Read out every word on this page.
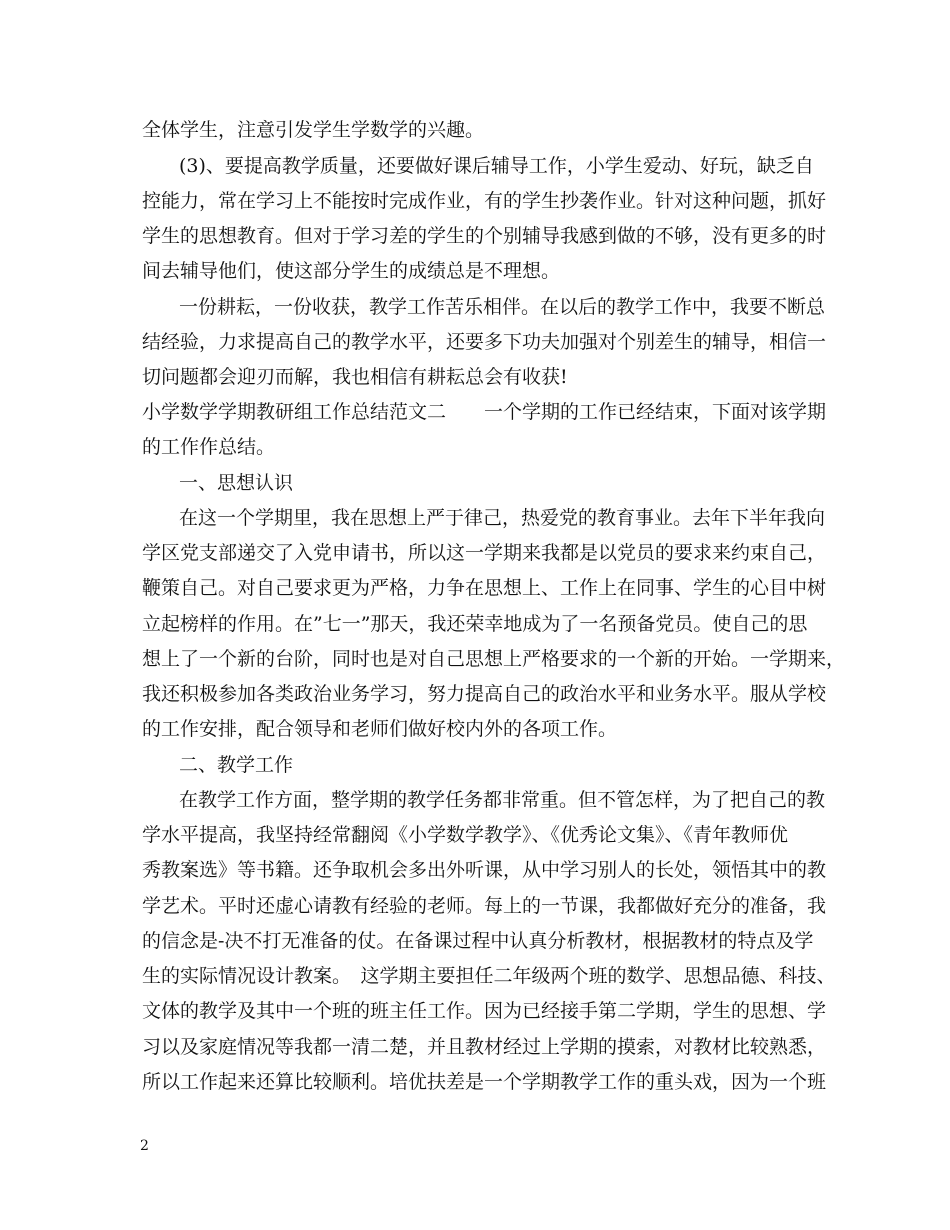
全体学生，注意引发学生学数学的兴趣。
(3)、要提高教学质量，还要做好课后辅导工作，小学生爱动、好玩，缺乏自
控能力，常在学习上不能按时完成作业，有的学生抄袭作业。针对这种问题，抓好
学生的思想教育。但对于学习差的学生的个别辅导我感到做的不够，没有更多的时
间去辅导他们，使这部分学生的成绩总是不理想。
一份耕耘，一份收获，教学工作苦乐相伴。在以后的教学工作中，我要不断总
结经验，力求提高自己的教学水平，还要多下功夫加强对个别差生的辅导，相信一
切问题都会迎刃而解，我也相信有耕耘总会有收获!
小学数学学期教研组工作总结范文二　　一个学期的工作已经结束，下面对该学期
的工作作总结。
一、思想认识
在这一个学期里，我在思想上严于律己，热爱党的教育事业。去年下半年我向
学区党支部递交了入党申请书，所以这一学期来我都是以党员的要求来约束自己，
鞭策自己。对自己要求更为严格，力争在思想上、工作上在同事、学生的心目中树
立起榜样的作用。在”七一”那天，我还荣幸地成为了一名预备党员。使自己的思
想上了一个新的台阶，同时也是对自己思想上严格要求的一个新的开始。一学期来，
我还积极参加各类政治业务学习，努力提高自己的政治水平和业务水平。服从学校
的工作安排，配合领导和老师们做好校内外的各项工作。
二、教学工作
在教学工作方面，整学期的教学任务都非常重。但不管怎样，为了把自己的教
学水平提高，我坚持经常翻阅《小学数学教学》、《优秀论文集》、《青年教师优
秀教案选》等书籍。还争取机会多出外听课，从中学习别人的长处，领悟其中的教
学艺术。平时还虚心请教有经验的老师。每上的一节课，我都做好充分的准备，我
的信念是-决不打无准备的仗。在备课过程中认真分析教材，根据教材的特点及学
生的实际情况设计教案。　这学期主要担任二年级两个班的数学、思想品德、科技、
文体的教学及其中一个班的班主任工作。因为已经接手第二学期，学生的思想、学
习以及家庭情况等我都一清二楚，并且教材经过上学期的摸索，对教材比较熟悉，
所以工作起来还算比较顺利。培优扶差是一个学期教学工作的重头戏，因为一个班
2
